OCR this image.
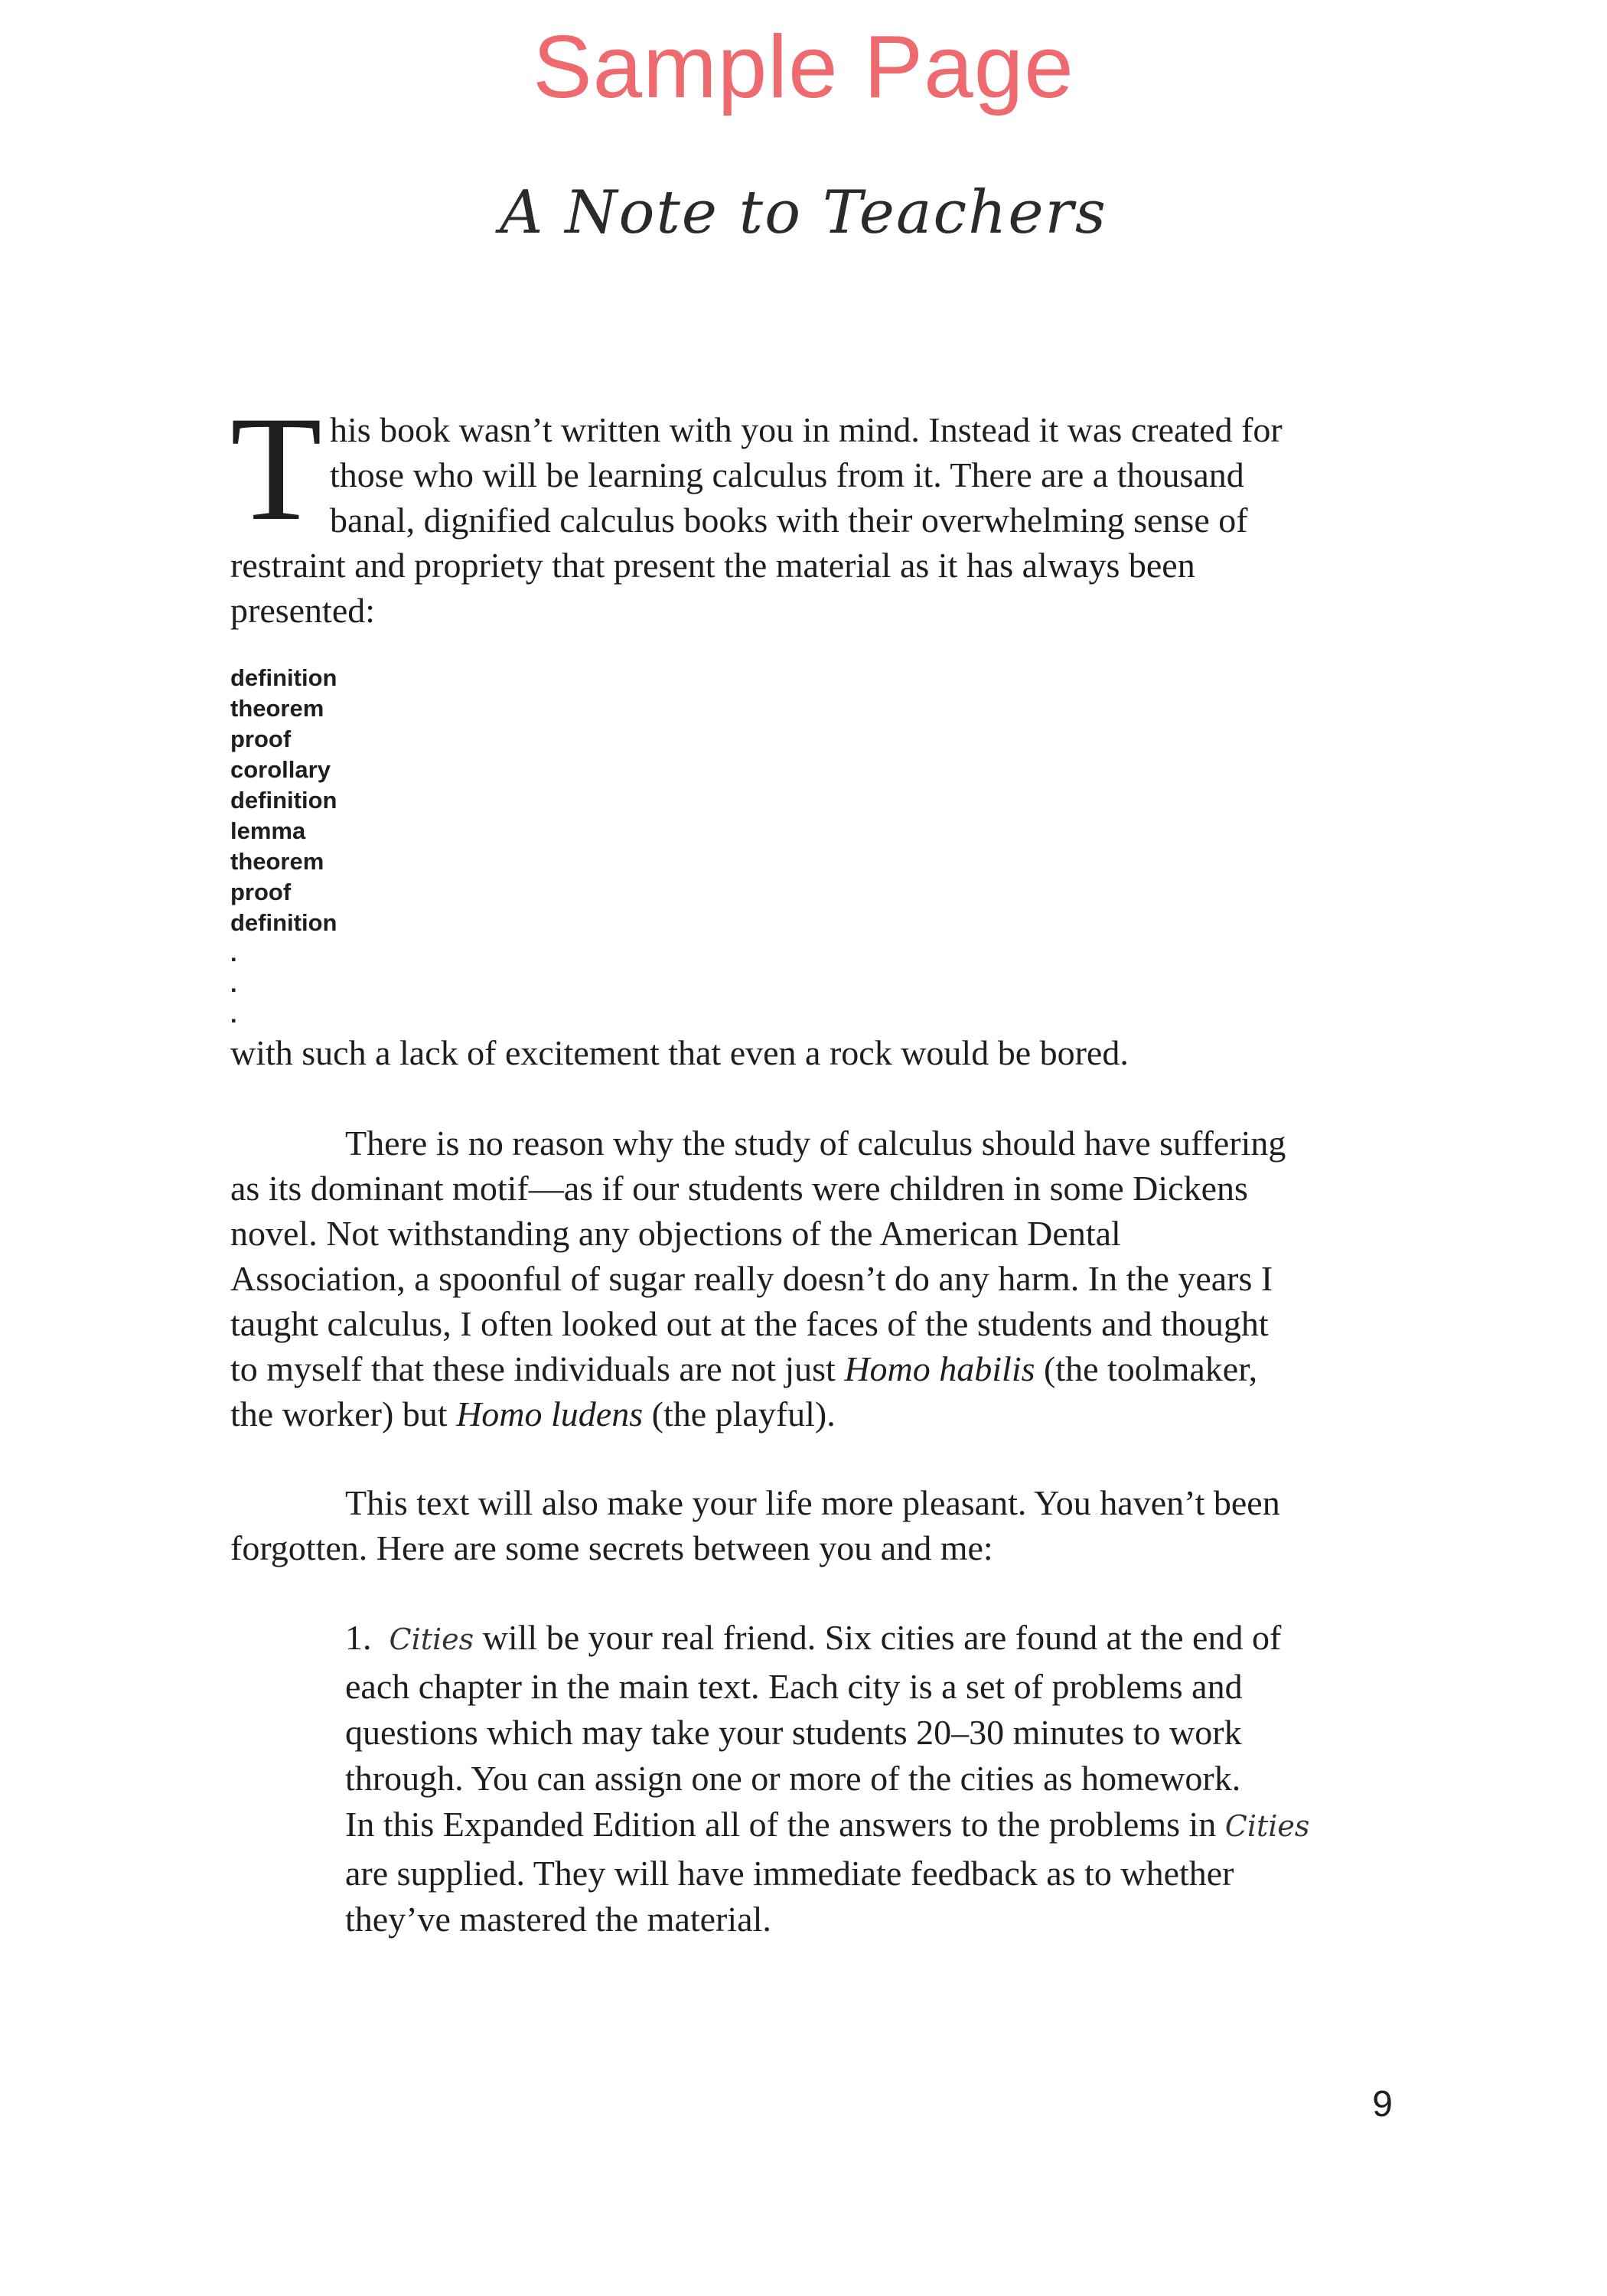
Sample Page
A Note to Teachers
T his book wasn’t written with you in mind. Instead it was created for
those who will be learning calculus from it. There are a thousand
banal, dignified calculus books with their overwhelming sense of
restraint and propriety that present the material as it has always been
presented:
definition
theorem
proof
corollary
definition
lemma
theorem
proof
definition
.
.
.
with such a lack of excitement that even a rock would be bored.
There is no reason why the study of calculus should have suffering
as its dominant motif—as if our students were children in some Dickens
novel. Not withstanding any objections of the American Dental
Association, a spoonful of sugar really doesn’t do any harm. In the years I
taught calculus, I often looked out at the faces of the students and thought
to myself that these individuals are not just Homo habilis (the toolmaker,
the worker) but Homo ludens (the playful).
This text will also make your life more pleasant. You haven’t been
forgotten. Here are some secrets between you and me:
1. Cities will be your real friend. Six cities are found at the end of
each chapter in the main text. Each city is a set of problems and
questions which may take your students 20–30 minutes to work
through. You can assign one or more of the cities as homework.
In this Expanded Edition all of the answers to the problems in Cities
are supplied. They will have immediate feedback as to whether
they’ve mastered the material.
9
